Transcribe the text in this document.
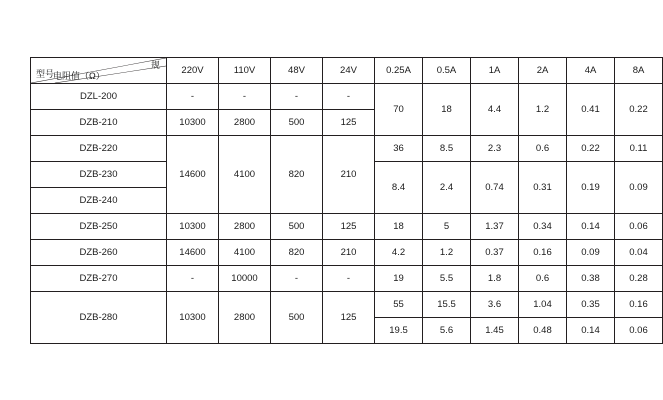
规
电阻值（Ω）
型号	220V	110V	48V	24V	0.25A	0.5A	1A	2A	4A	8A

DZL-200	-	-	-	-	70	18	4.4	1.2	0.41	0.22
DZB-210	10300	2800	500	125						
DZB-220	14600	4100	820	210	36	8.5	2.3	0.6	0.22	0.11
DZB-230					8.4	2.4	0.74	0.31	0.19	0.09
DZB-240										
DZB-250	10300	2800	500	125	18	5	1.37	0.34	0.14	0.06
DZB-260	14600	4100	820	210	4.2	1.2	0.37	0.16	0.09	0.04
DZB-270	-	10000	-	-	19	5.5	1.8	0.6	0.38	0.28
DZB-280	10300	2800	500	125	55	15.5	3.6	1.04	0.35	0.16
					19.5	5.6	1.45	0.48	0.14	0.06
